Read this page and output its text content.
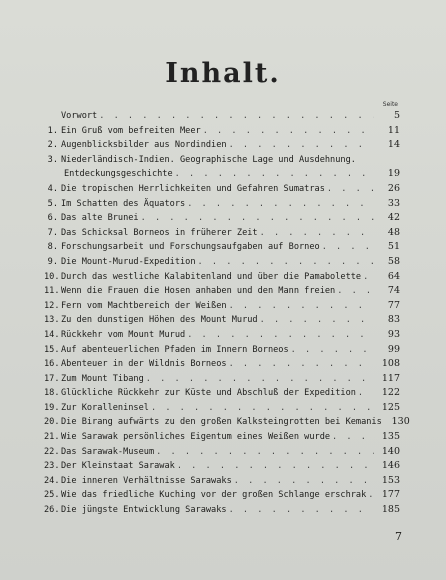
Inhalt.
Seite
Vorwort . . .	5
1. Ein Gruß vom befreiten Meer . . .	11
2. Augenblicksbilder aus Nordindien . . .	14
3. Niederländisch-Indien. Geographische Lage und Ausdehnung.
Entdeckungsgeschichte . . .	19
4. Die tropischen Herrlichkeiten und Gefahren Sumatras . . .	26
5. Im Schatten des Äquators . . .	33
6. Das alte Brunei . . .	42
7. Das Schicksal Borneos in früherer Zeit . . .	48
8. Forschungsarbeit und Forschungsaufgaben auf Borneo . . .	51
9. Die Mount-Murud-Expedition . . .	58
10. Durch das westliche Kalabitenland und über die Pamabolette . . .	64
11. Wenn die Frauen die Hosen anhaben und den Mann freien . . .	74
12. Fern vom Machtbereich der Weißen . . .	77
13. Zu den dunstigen Höhen des Mount Murud . . .	83
14. Rückkehr vom Mount Murud . . .	93
15. Auf abenteuerlichen Pfaden im Innern Borneos . . .	99
16. Abenteuer in der Wildnis Borneos . . .	108
17. Zum Mount Tibang . . .	117
18. Glückliche Rückkehr zur Küste und Abschluß der Expedition . . .	122
19. Zur Koralleninsel . . .	125
20. Die Birang aufwärts zu den großen Kalksteingrotten bei Kemanis	130
21. Wie Sarawak persönliches Eigentum eines Weißen wurde . . .	135
22. Das Sarawak-Museum . . .	140
23. Der Kleinstaat Sarawak . . .	146
24. Die inneren Verhältnisse Sarawaks . . .	153
25. Wie das friedliche Kuching vor der großen Schlange erschrak . . .	177
26. Die jüngste Entwicklung Sarawaks . . .	185
7
